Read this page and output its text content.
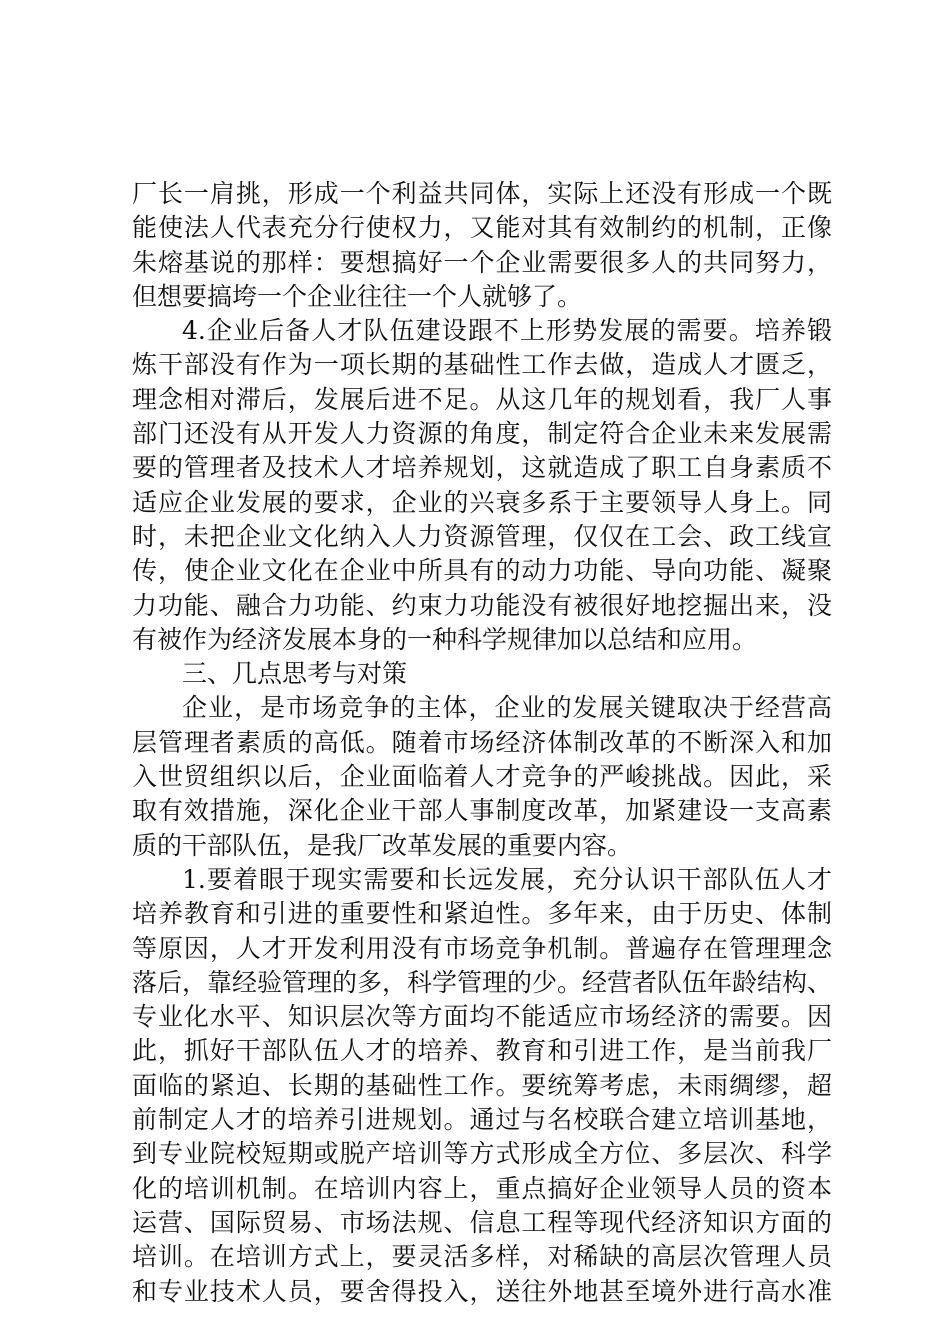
厂长一肩挑，形成一个利益共同体，实际上还没有形成一个既
能使法人代表充分行使权力，又能对其有效制约的机制，正像
朱熔基说的那样：要想搞好一个企业需要很多人的共同努力，
但想要搞垮一个企业往往一个人就够了。
4.企业后备人才队伍建设跟不上形势发展的需要。培养锻
炼干部没有作为一项长期的基础性工作去做，造成人才匮乏，
理念相对滞后，发展后进不足。从这几年的规划看，我厂人事
部门还没有从开发人力资源的角度，制定符合企业未来发展需
要的管理者及技术人才培养规划，这就造成了职工自身素质不
适应企业发展的要求，企业的兴衰多系于主要领导人身上。同
时，未把企业文化纳入人力资源管理，仅仅在工会、政工线宣
传，使企业文化在企业中所具有的动力功能、导向功能、凝聚
力功能、融合力功能、约束力功能没有被很好地挖掘出来，没
有被作为经济发展本身的一种科学规律加以总结和应用。
三、几点思考与对策
企业，是市场竞争的主体，企业的发展关键取决于经营高
层管理者素质的高低。随着市场经济体制改革的不断深入和加
入世贸组织以后，企业面临着人才竞争的严峻挑战。因此，采
取有效措施，深化企业干部人事制度改革，加紧建设一支高素
质的干部队伍，是我厂改革发展的重要内容。
1.要着眼于现实需要和长远发展，充分认识干部队伍人才
培养教育和引进的重要性和紧迫性。多年来，由于历史、体制
等原因，人才开发利用没有市场竞争机制。普遍存在管理理念
落后，靠经验管理的多，科学管理的少。经营者队伍年龄结构、
专业化水平、知识层次等方面均不能适应市场经济的需要。因
此，抓好干部队伍人才的培养、教育和引进工作，是当前我厂
面临的紧迫、长期的基础性工作。要统筹考虑，未雨绸缪，超
前制定人才的培养引进规划。通过与名校联合建立培训基地，
到专业院校短期或脱产培训等方式形成全方位、多层次、科学
化的培训机制。在培训内容上，重点搞好企业领导人员的资本
运营、国际贸易、市场法规、信息工程等现代经济知识方面的
培训。在培训方式上，要灵活多样，对稀缺的高层次管理人员
和专业技术人员，要舍得投入，送往外地甚至境外进行高水准
